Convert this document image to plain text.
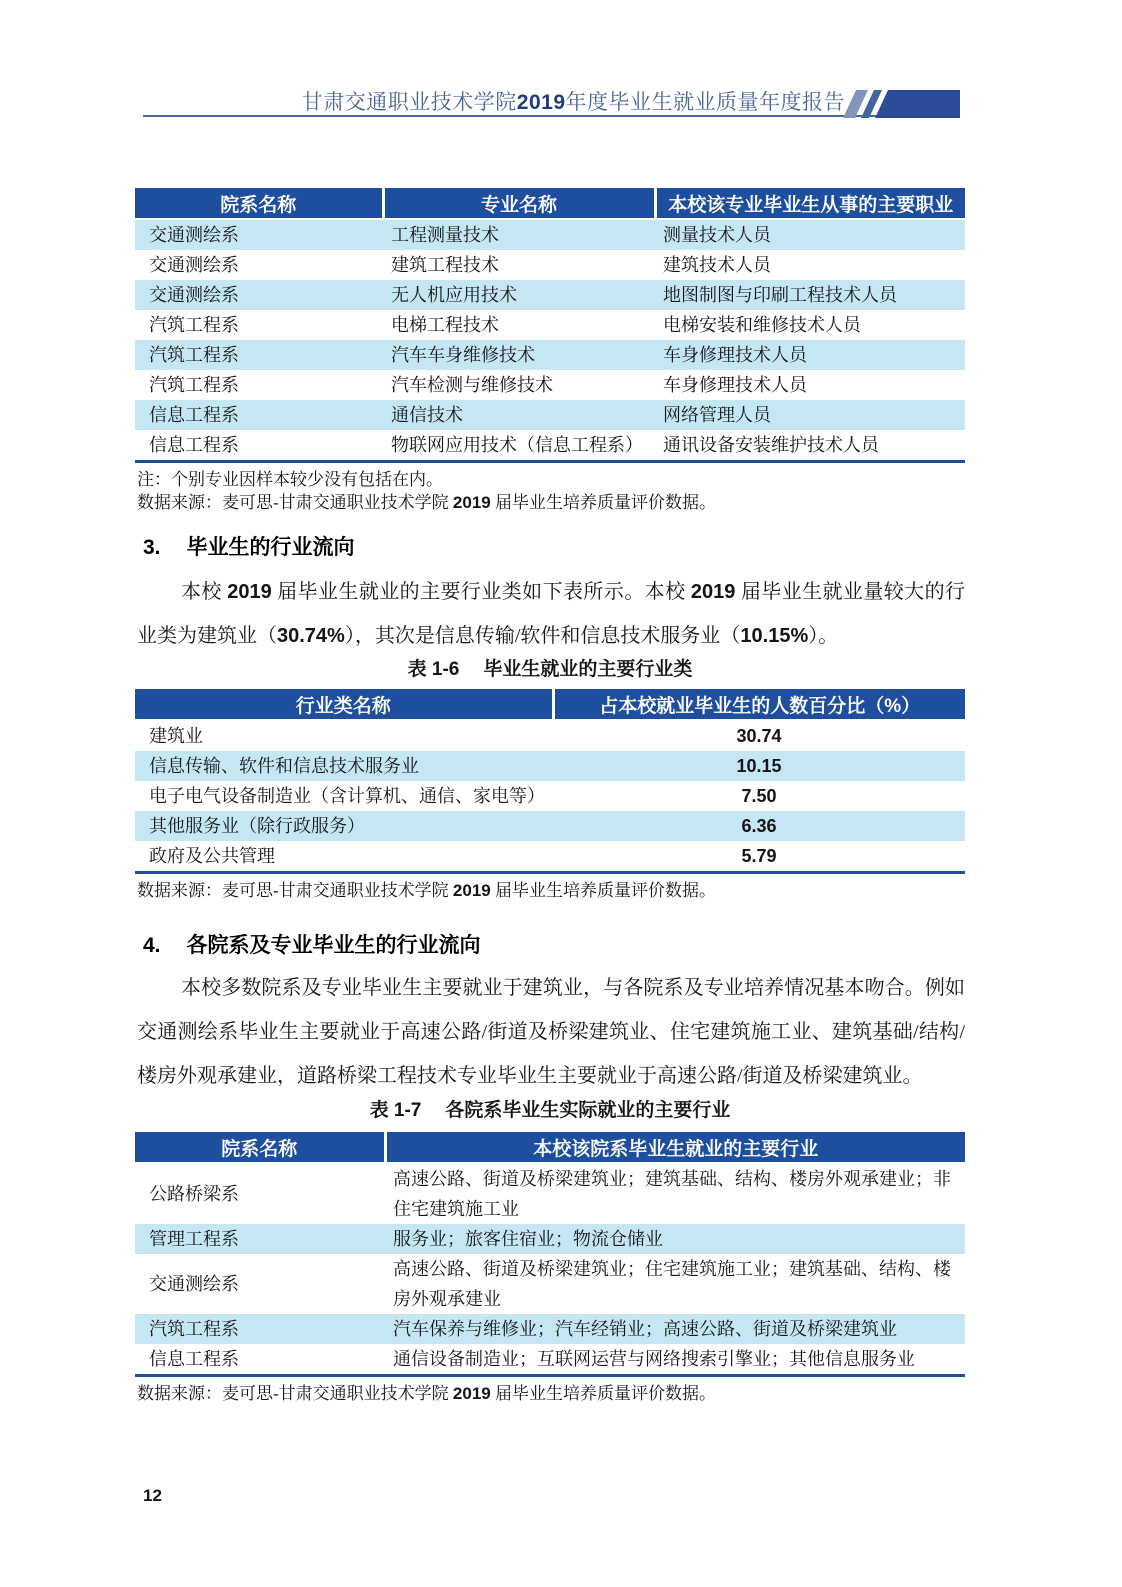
甘肃交通职业技术学院2019年度毕业生就业质量年度报告
院系名称	专业名称	本校该专业毕业生从事的主要职业
交通测绘系	工程测量技术	测量技术人员
交通测绘系	建筑工程技术	建筑技术人员
交通测绘系	无人机应用技术	地图制图与印刷工程技术人员
汽筑工程系	电梯工程技术	电梯安装和维修技术人员
汽筑工程系	汽车车身维修技术	车身修理技术人员
汽筑工程系	汽车检测与维修技术	车身修理技术人员
信息工程系	通信技术	网络管理人员
信息工程系	物联网应用技术（信息工程系）	通讯设备安装维护技术人员
注：个别专业因样本较少没有包括在内。
数据来源：麦可思-甘肃交通职业技术学院 2019 届毕业生培养质量评价数据。
3. 毕业生的行业流向
本校 2019 届毕业生就业的主要行业类如下表所示。本校 2019 届毕业生就业量较大的行业类为建筑业（30.74%），其次是信息传输/软件和信息技术服务业（10.15%）。
表 1-6 毕业生就业的主要行业类
行业类名称	占本校就业毕业生的人数百分比（%）
建筑业	30.74
信息传输、软件和信息技术服务业	10.15
电子电气设备制造业（含计算机、通信、家电等）	7.50
其他服务业（除行政服务）	6.36
政府及公共管理	5.79
数据来源：麦可思-甘肃交通职业技术学院 2019 届毕业生培养质量评价数据。
4. 各院系及专业毕业生的行业流向
本校多数院系及专业毕业生主要就业于建筑业，与各院系及专业培养情况基本吻合。例如交通测绘系毕业生主要就业于高速公路/街道及桥梁建筑业、住宅建筑施工业、建筑基础/结构/楼房外观承建业，道路桥梁工程技术专业毕业生主要就业于高速公路/街道及桥梁建筑业。
表 1-7 各院系毕业生实际就业的主要行业
院系名称	本校该院系毕业生就业的主要行业
公路桥梁系	高速公路、街道及桥梁建筑业；建筑基础、结构、楼房外观承建业；非住宅建筑施工业
管理工程系	服务业；旅客住宿业；物流仓储业
交通测绘系	高速公路、街道及桥梁建筑业；住宅建筑施工业；建筑基础、结构、楼房外观承建业
汽筑工程系	汽车保养与维修业；汽车经销业；高速公路、街道及桥梁建筑业
信息工程系	通信设备制造业；互联网运营与网络搜索引擎业；其他信息服务业
数据来源：麦可思-甘肃交通职业技术学院 2019 届毕业生培养质量评价数据。
12
